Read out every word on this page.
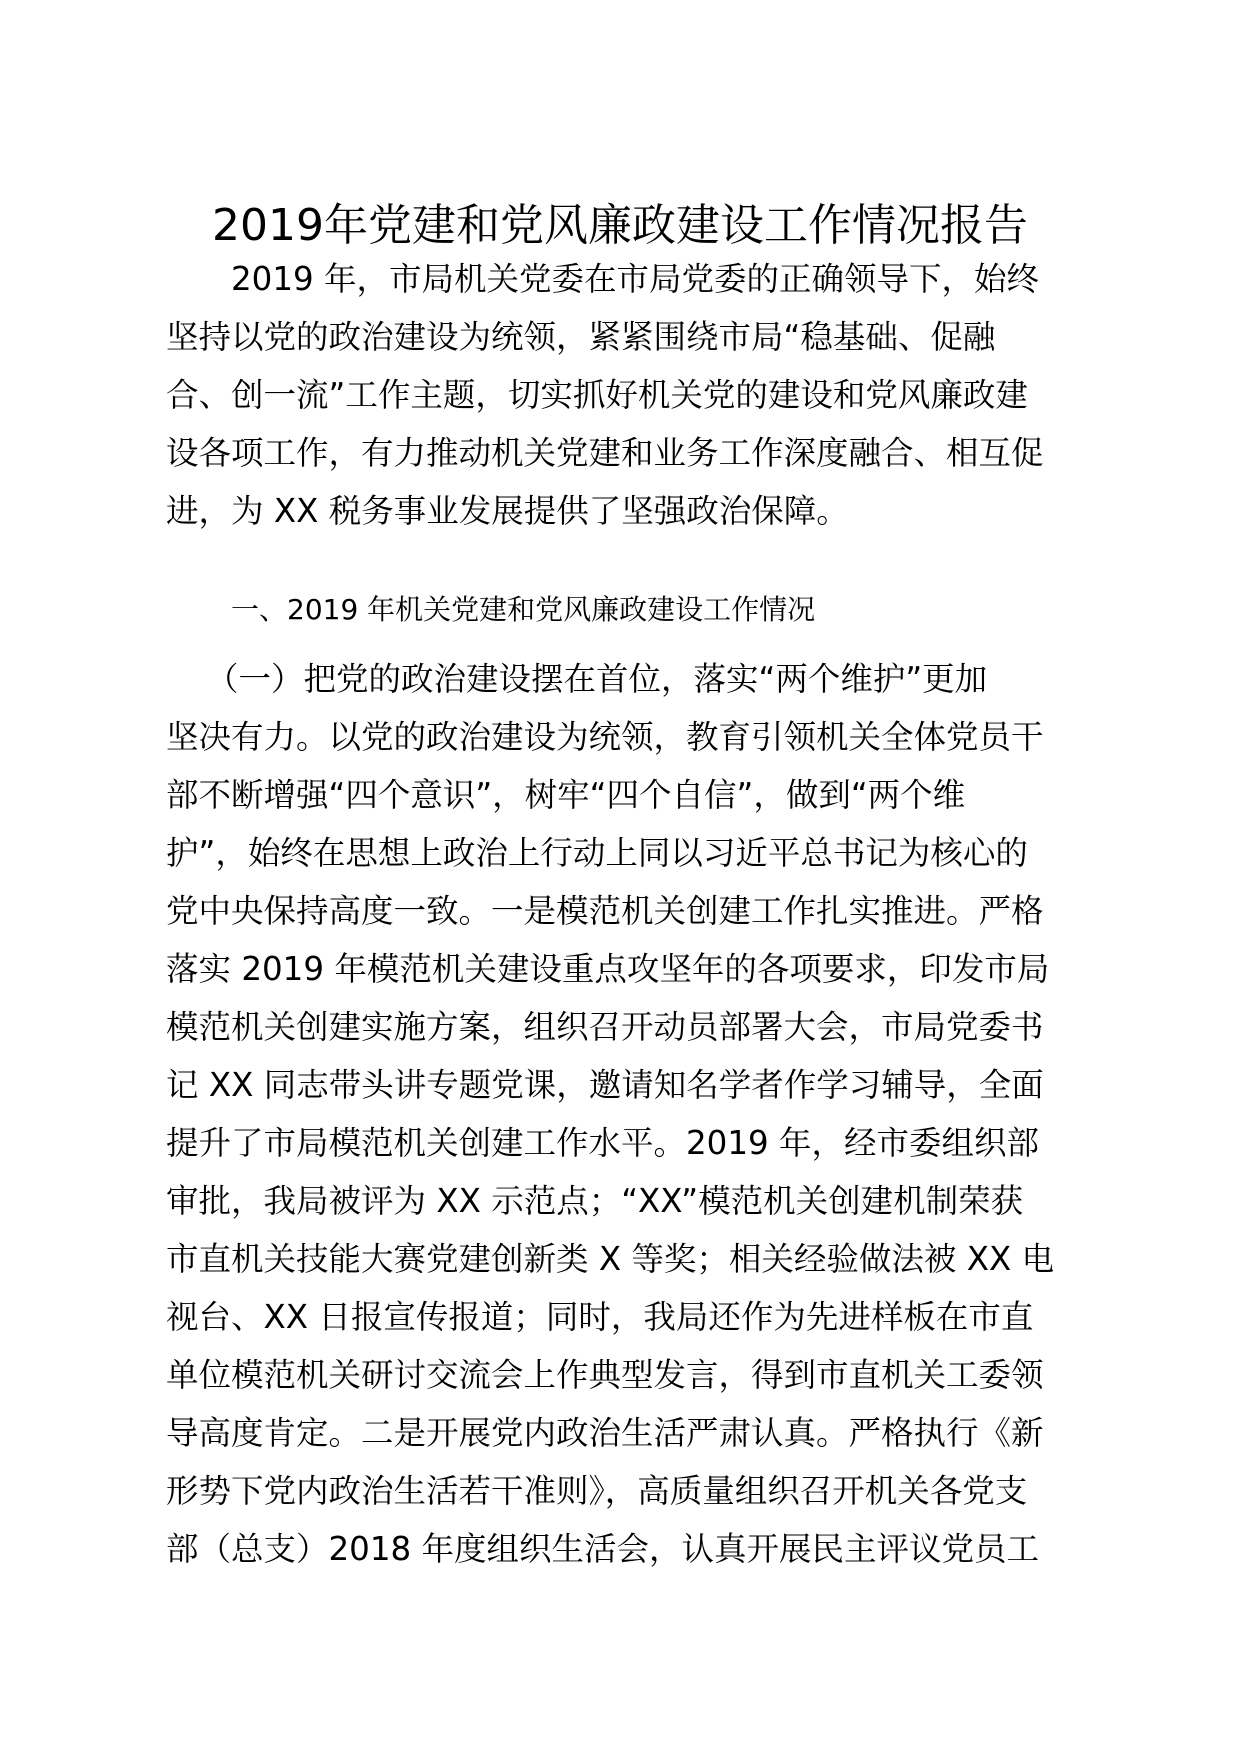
2019年党建和党风廉政建设工作情况报告
2019 年，市局机关党委在市局党委的正确领导下，始终
坚持以党的政治建设为统领，紧紧围绕市局“稳基础、促融
合、创一流”工作主题，切实抓好机关党的建设和党风廉政建
设各项工作，有力推动机关党建和业务工作深度融合、相互促
进，为 XX 税务事业发展提供了坚强政治保障。
一、2019 年机关党建和党风廉政建设工作情况
（一）把党的政治建设摆在首位，落实“两个维护”更加
坚决有力。以党的政治建设为统领，教育引领机关全体党员干
部不断增强“四个意识”，树牢“四个自信”，做到“两个维
护”，始终在思想上政治上行动上同以习近平总书记为核心的
党中央保持高度一致。一是模范机关创建工作扎实推进。严格
落实 2019 年模范机关建设重点攻坚年的各项要求，印发市局
模范机关创建实施方案，组织召开动员部署大会，市局党委书
记 XX 同志带头讲专题党课，邀请知名学者作学习辅导，全面
提升了市局模范机关创建工作水平。2019 年，经市委组织部
审批，我局被评为 XX 示范点；“XX”模范机关创建机制荣获
市直机关技能大赛党建创新类 X 等奖；相关经验做法被 XX 电
视台、XX 日报宣传报道；同时，我局还作为先进样板在市直
单位模范机关研讨交流会上作典型发言，得到市直机关工委领
导高度肯定。二是开展党内政治生活严肃认真。严格执行《新
形势下党内政治生活若干准则》，高质量组织召开机关各党支
部（总支）2018 年度组织生活会，认真开展民主评议党员工
